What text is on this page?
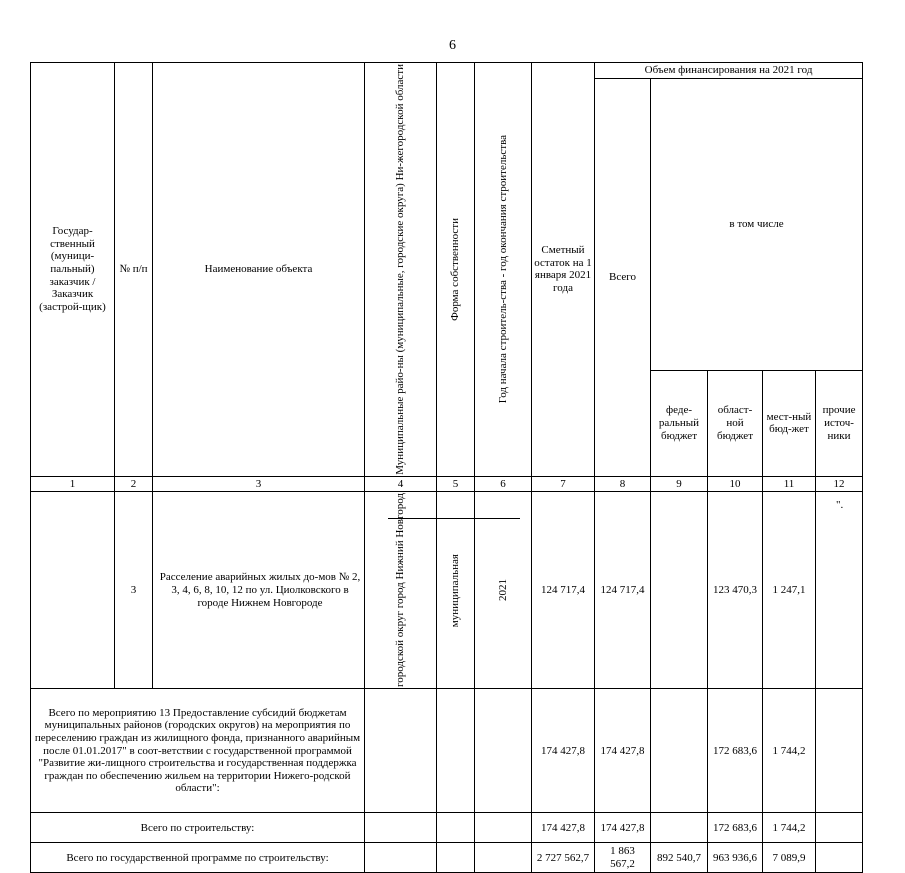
6
Государ-ственный (муници-пальный) заказчик /Заказчик (застрой-щик)	№ п/п	Наименование объекта	Муниципальные райо-ны (муниципальные, городские округа) Ни-жегородской области	Форма собственности	Год начала строитель-ства - год окончания строительства	Сметный остаток на 1 января 2021 года	Объем финансирования на 2021 год				
							Всего	в том числе			
								феде-ральный бюджет	област-ной бюджет	мест-ный бюд-жет	прочие источ-ники
1	2	3	4	5	6	7	8	9	10	11	12
	3	Расселение аварийных жилых до-мов № 2, 3, 4, 6, 8, 10, 12 по ул. Циолковского в городе Нижнем Новгороде	городской округ город Нижний Новгород	муниципальная	2021	124 717,4	124 717,4		123 470,3	1 247,1	
Всего по мероприятию 13 Предоставление субсидий бюджетам муниципальных районов (городских округов) на мероприятия по переселению граждан из жилищного фонда, признанного аварийным после 01.01.2017" в соот-ветствии с государственной программой "Развитие жи-лищного строительства и государственная поддержка граждан по обеспечению жильем на территории Нижего-родской области":						174 427,8	174 427,8		172 683,6	1 744,2	
Всего по строительству:						174 427,8	174 427,8		172 683,6	1 744,2	
Всего по государственной программе по строительству:						2 727 562,7	1 863 567,2	892 540,7	963 936,6	7 089,9	
".
